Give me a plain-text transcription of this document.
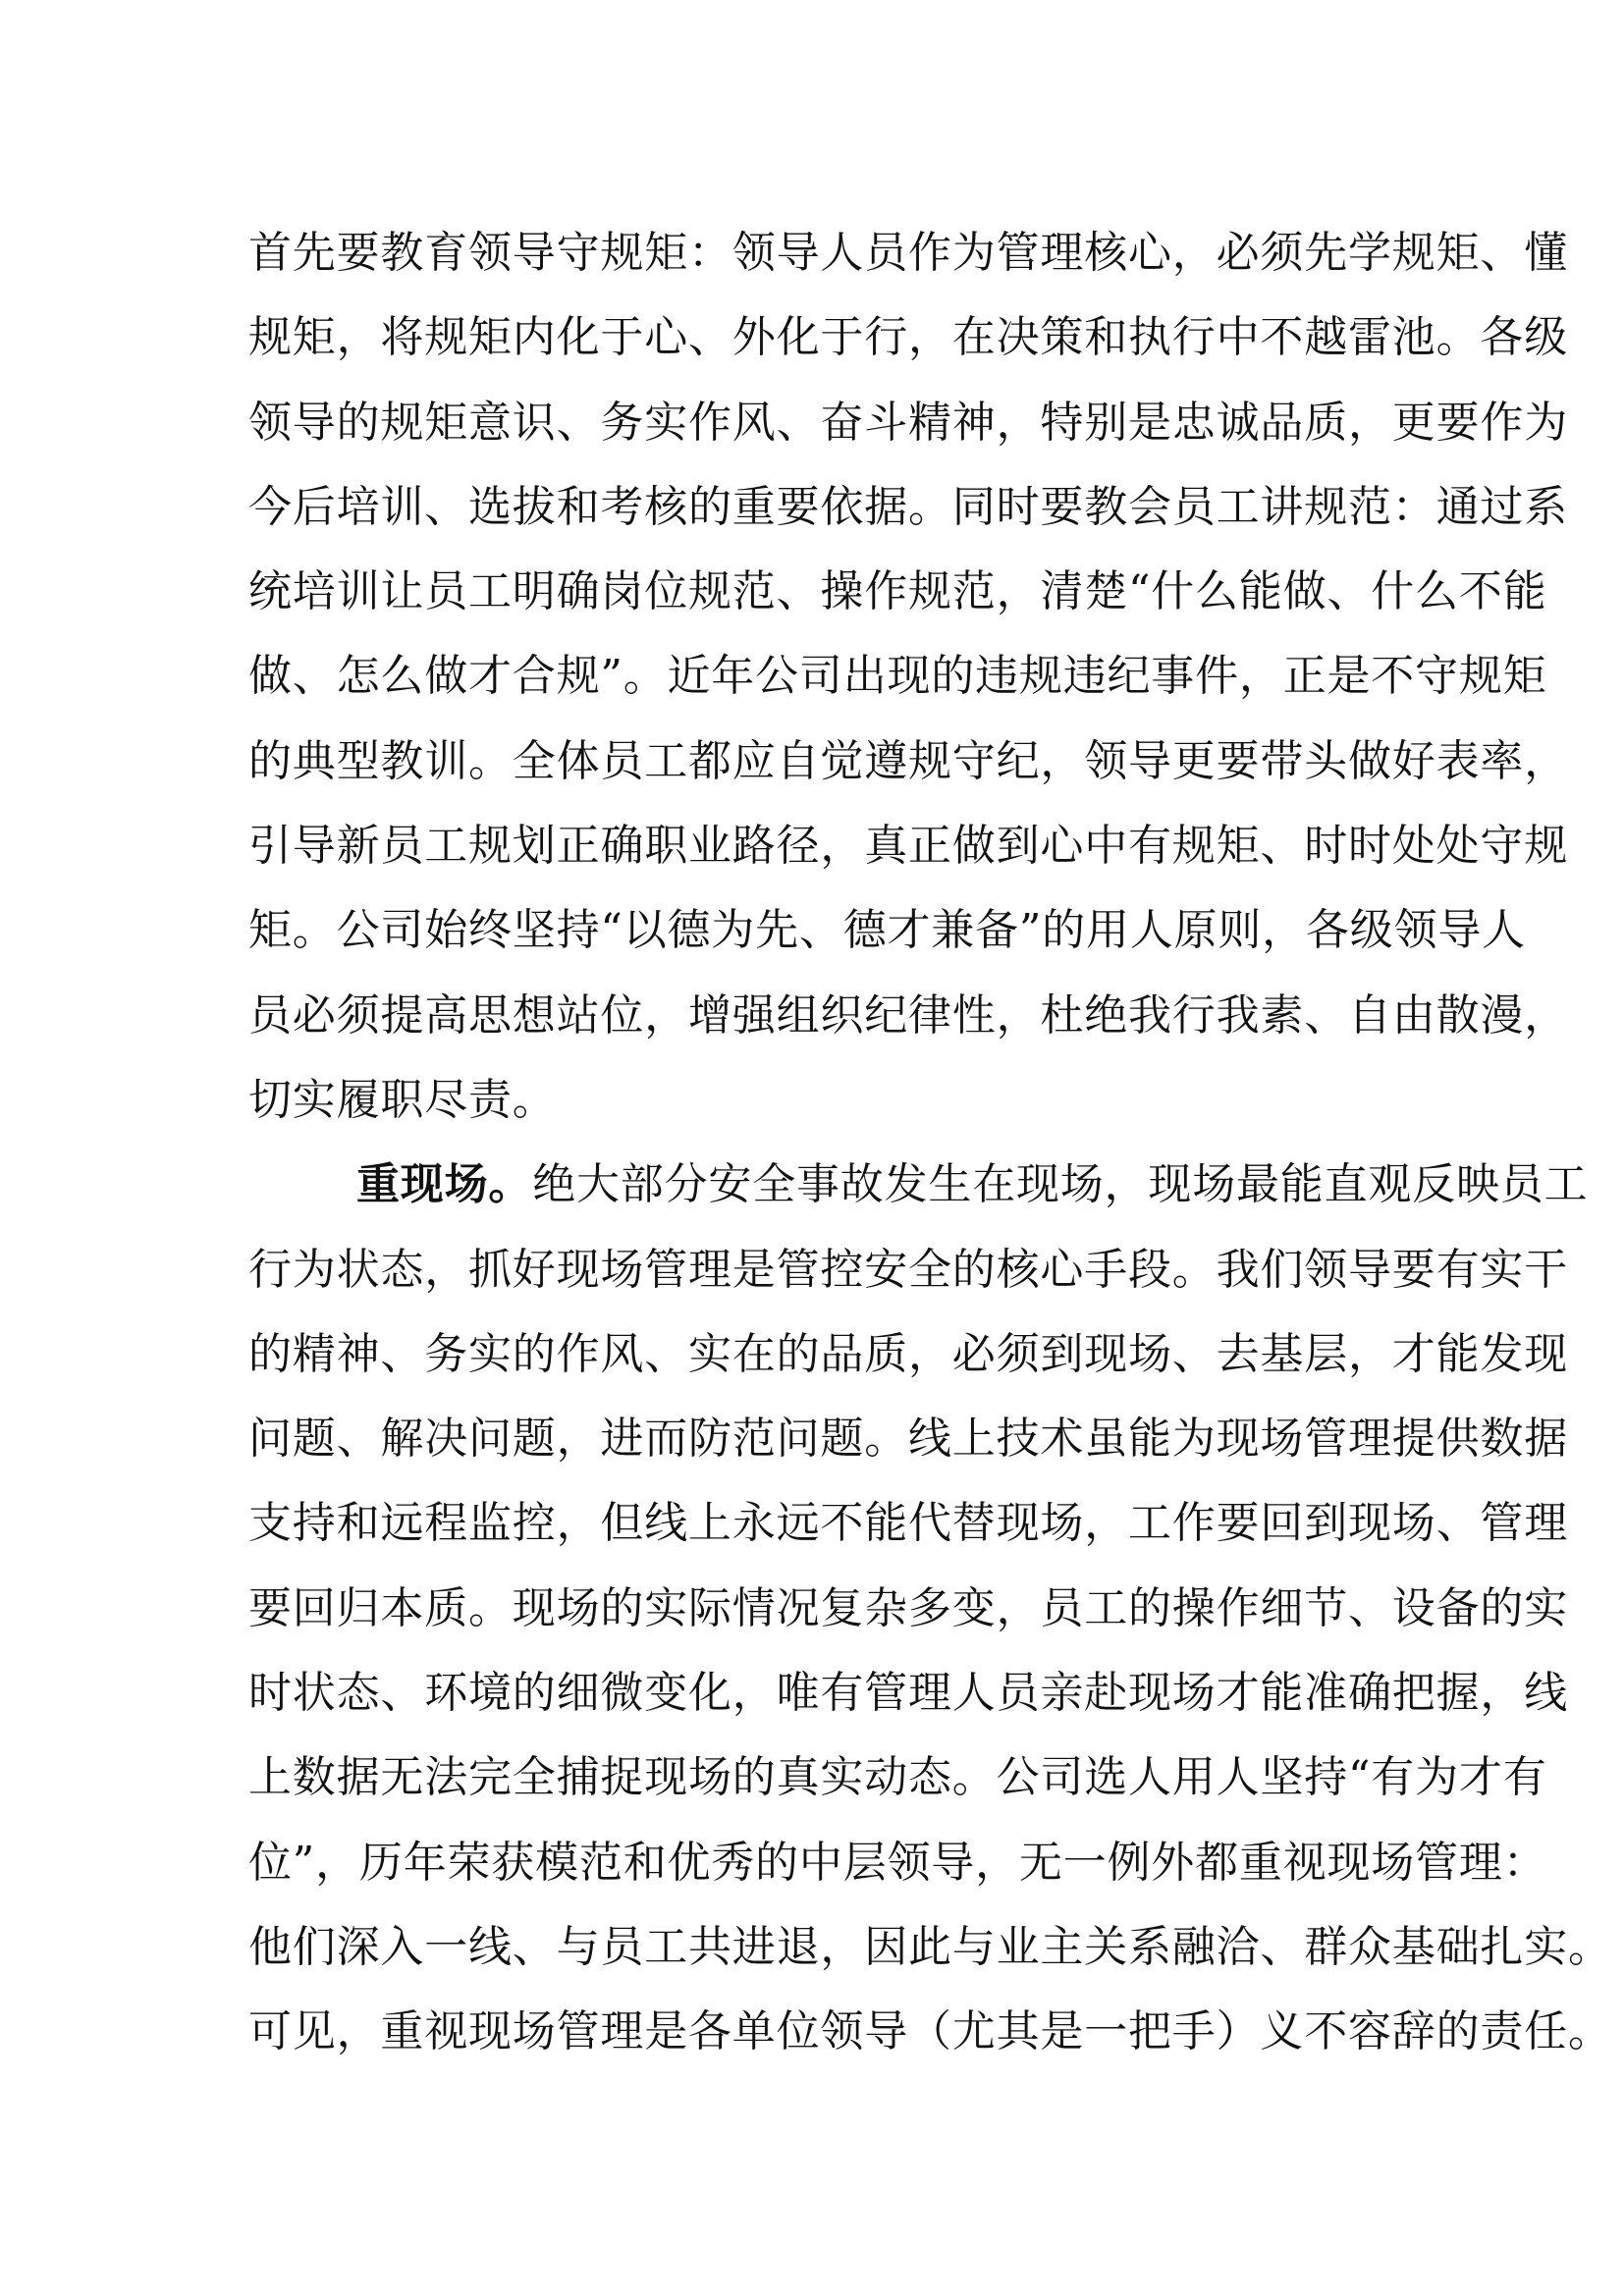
首先要教育领导守规矩：领导人员作为管理核心，必须先学规矩、懂
规矩，将规矩内化于心、外化于行，在决策和执行中不越雷池。各级
领导的规矩意识、务实作风、奋斗精神，特别是忠诚品质，更要作为
今后培训、选拔和考核的重要依据。同时要教会员工讲规范：通过系
统培训让员工明确岗位规范、操作规范，清楚“什么能做、什么不能
做、怎么做才合规”。近年公司出现的违规违纪事件，正是不守规矩
的典型教训。全体员工都应自觉遵规守纪，领导更要带头做好表率，
引导新员工规划正确职业路径，真正做到心中有规矩、时时处处守规
矩。公司始终坚持“以德为先、德才兼备”的用人原则，各级领导人
员必须提高思想站位，增强组织纪律性，杜绝我行我素、自由散漫，
切实履职尽责。
重现场。绝大部分安全事故发生在现场，现场最能直观反映员工
行为状态，抓好现场管理是管控安全的核心手段。我们领导要有实干
的精神、务实的作风、实在的品质，必须到现场、去基层，才能发现
问题、解决问题，进而防范问题。线上技术虽能为现场管理提供数据
支持和远程监控，但线上永远不能代替现场，工作要回到现场、管理
要回归本质。现场的实际情况复杂多变，员工的操作细节、设备的实
时状态、环境的细微变化，唯有管理人员亲赴现场才能准确把握，线
上数据无法完全捕捉现场的真实动态。公司选人用人坚持“有为才有
位”，历年荣获模范和优秀的中层领导，无一例外都重视现场管理：
他们深入一线、与员工共进退，因此与业主关系融洽、群众基础扎实。
可见，重视现场管理是各单位领导（尤其是一把手）义不容辞的责任。
